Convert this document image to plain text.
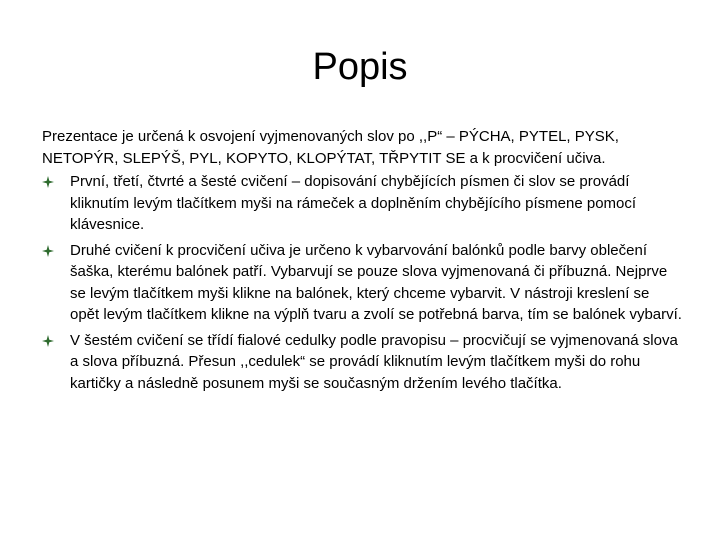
Popis

Prezentace je určená k osvojení vyjmenovaných slov po ,,P“ – PÝCHA, PYTEL, PYSK, NETOPÝR, SLEPÝŠ, PYL, KOPYTO, KLOPÝTAT, TŘPYTIT SE a k procvičení učiva.

První, třetí, čtvrté a šesté cvičení – dopisování chybějících písmen či slov se provádí kliknutím levým tlačítkem myši na rámeček a doplněním chybějícího písmene pomocí klávesnice.
Druhé cvičení k procvičení učiva je určeno k vybarvování balónků podle barvy oblečení šaška, kterému balónek patří. Vybarvují se pouze slova vyjmenovaná či příbuzná. Nejprve se levým tlačítkem myši klikne na balónek, který chceme vybarvit. V nástroji kreslení se opět levým tlačítkem klikne na výplň tvaru a zvolí se potřebná barva, tím se balónek vybarví.
V šestém cvičení se třídí fialové cedulky podle pravopisu – procvičují se vyjmenovaná slova a slova příbuzná. Přesun ,,cedulek“ se provádí kliknutím levým tlačítkem myši do rohu kartičky a následně posunem myši se současným držením levého tlačítka.
